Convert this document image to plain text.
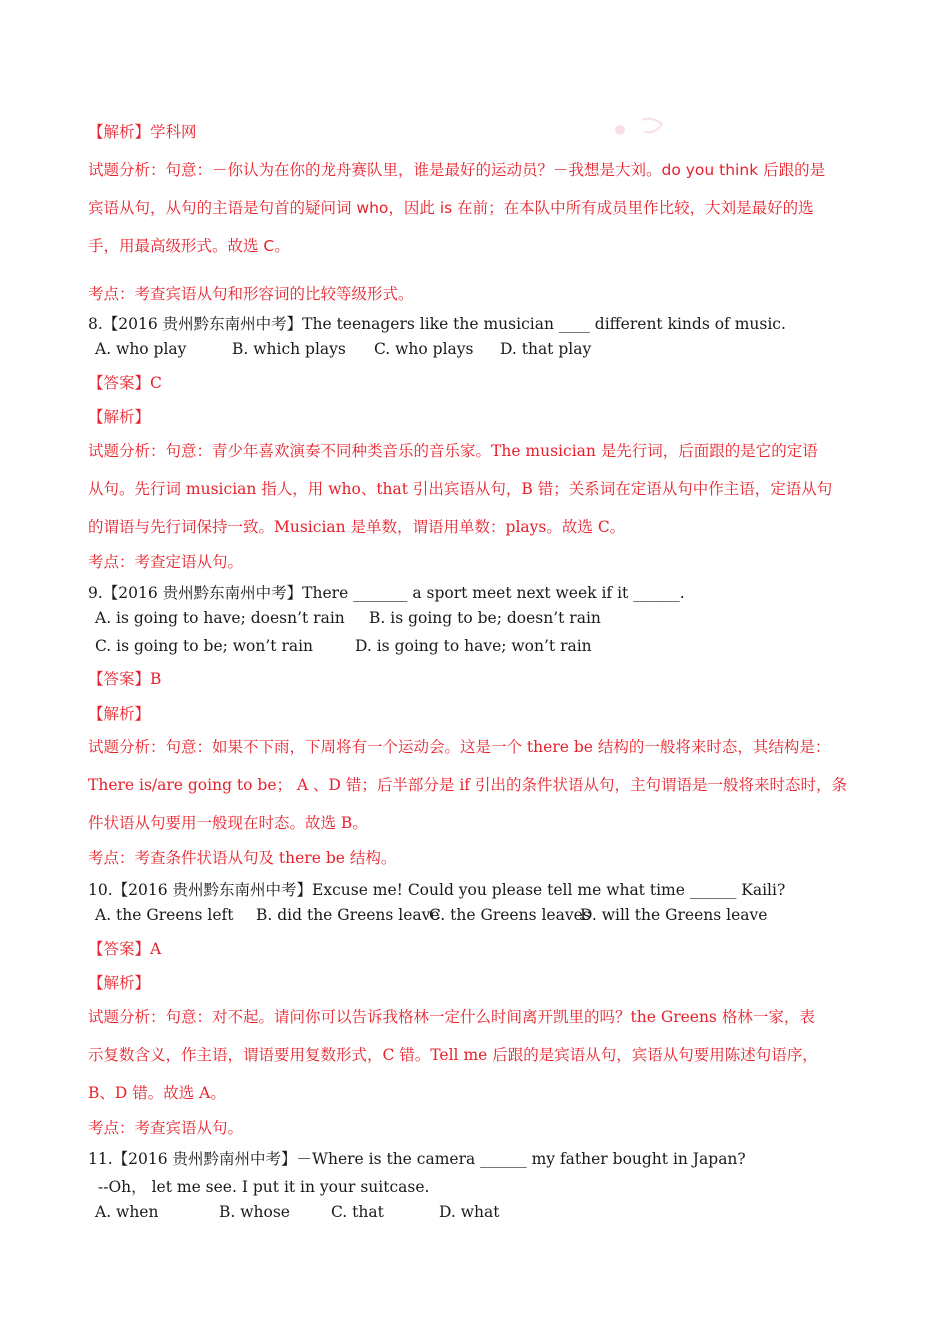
【解析】学科网
试题分析：句意：－你认为在你的龙舟赛队里，谁是最好的运动员？－我想是大刘。do you think 后跟的是
宾语从句，从句的主语是句首的疑问词 who，因此 is 在前；在本队中所有成员里作比较，大刘是最好的选
手，用最高级形式。故选 C。
考点：考查宾语从句和形容词的比较等级形式。
8.【2016 贵州黔东南州中考】The teenagers like the musician ____ different kinds of music.
A. who play	B. which plays C. who plays D. that play
【答案】C
【解析】
试题分析：句意：青少年喜欢演奏不同种类音乐的音乐家。The musician 是先行词，后面跟的是它的定语
从句。先行词 musician 指人，用 who、that 引出宾语从句，B 错；关系词在定语从句中作主语，定语从句
的谓语与先行词保持一致。Musician 是单数，谓语用单数：plays。故选 C。
考点：考查定语从句。
9.【2016 贵州黔东南州中考】There _______ a sport meet next week if it ______.
A. is going to have; doesn’t rain B. is going to be; doesn’t rain
C. is going to be; won’t rain	D. is going to have; won’t rain
【答案】B
【解析】
试题分析：句意：如果不下雨，下周将有一个运动会。这是一个 there be 结构的一般将来时态，其结构是：
There is/are going to be； A 、D 错；后半部分是 if 引出的条件状语从句，主句谓语是一般将来时态时，条
件状语从句要用一般现在时态。故选 B。
考点：考查条件状语从句及 there be 结构。
10.【2016 贵州黔东南州中考】Excuse me! Could you please tell me what time ______ Kaili?
A. the Greens left B. did the Greens leave
C. the Greens leaves
D. will the Greens leave
【答案】A
【解析】
试题分析：句意：对不起。请问你可以告诉我格林一定什么时间离开凯里的吗？the Greens 格林一家，表
示复数含义，作主语，谓语要用复数形式，C 错。Tell me 后跟的是宾语从句，宾语从句要用陈述句语序，
B、D 错。故选 A。
考点：考查宾语从句。
11.【2016 贵州黔南州中考】－Where is the camera ______ my father bought in Japan?
--Oh， let me see. I put it in your suitcase.
A. when	B. whose	C. that	D. what
